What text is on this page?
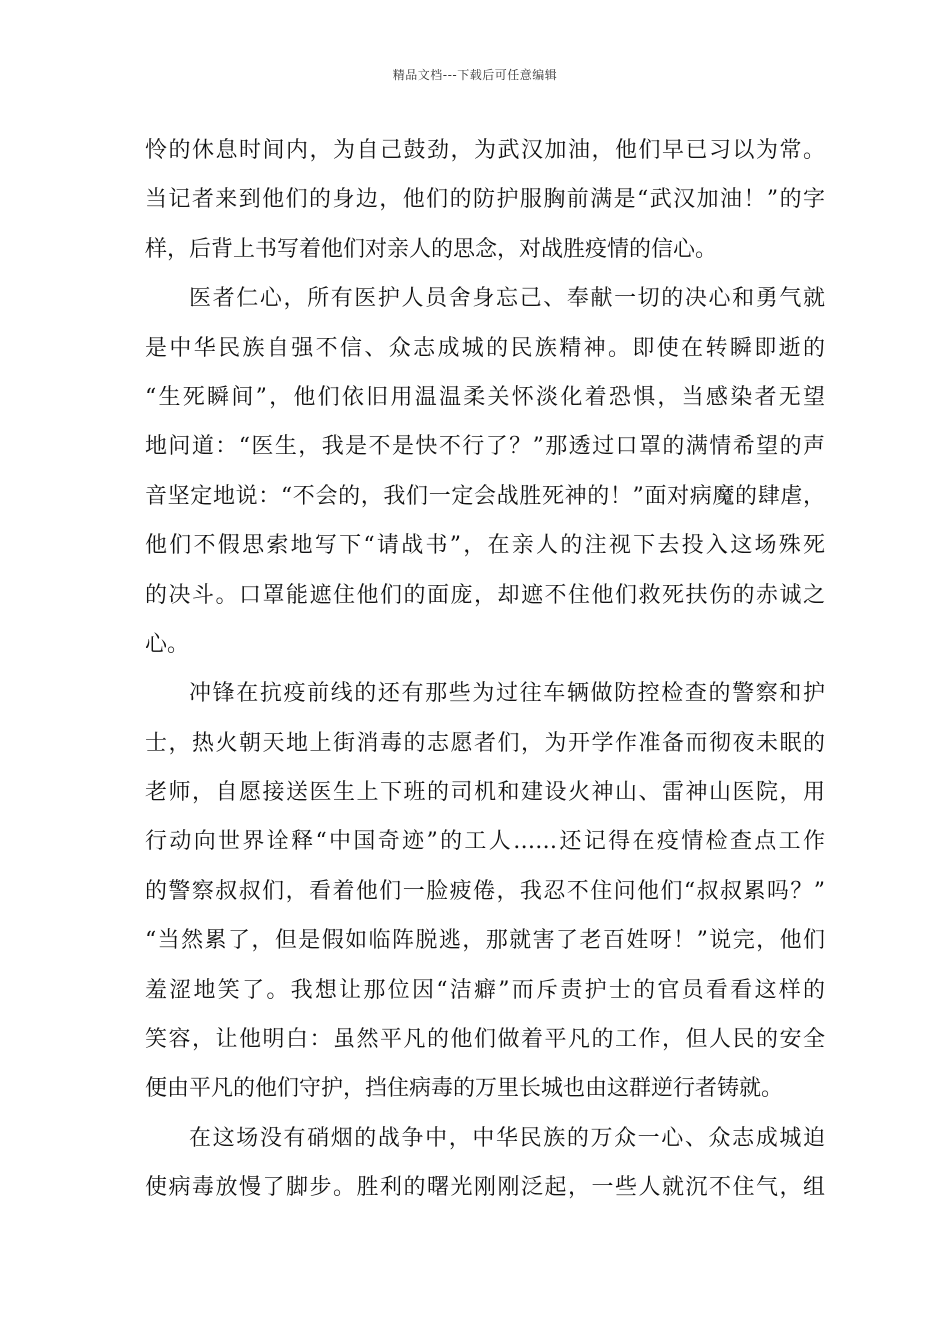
精品文档---下载后可任意编辑
怜的休息时间内，为自己鼓劲，为武汉加油，他们早已习以为常。
当记者来到他们的身边，他们的防护服胸前满是“武汉加油！”的字
样，后背上书写着他们对亲人的思念，对战胜疫情的信心。
医者仁心，所有医护人员舍身忘己、奉献一切的决心和勇气就
是中华民族自强不信、众志成城的民族精神。即使在转瞬即逝的
“生死瞬间”，他们依旧用温温柔关怀淡化着恐惧，当感染者无望
地问道：“医生，我是不是快不行了？”那透过口罩的满情希望的声
音坚定地说：“不会的，我们一定会战胜死神的！”面对病魔的肆虐，
他们不假思索地写下“请战书”，在亲人的注视下去投入这场殊死
的决斗。口罩能遮住他们的面庞，却遮不住他们救死扶伤的赤诚之
心。
冲锋在抗疫前线的还有那些为过往车辆做防控检查的警察和护
士，热火朝天地上街消毒的志愿者们，为开学作准备而彻夜未眠的
老师，自愿接送医生上下班的司机和建设火神山、雷神山医院，用
行动向世界诠释“中国奇迹”的工人……还记得在疫情检查点工作
的警察叔叔们，看着他们一脸疲倦，我忍不住问他们“叔叔累吗？”
“当然累了，但是假如临阵脱逃，那就害了老百姓呀！”说完，他们
羞涩地笑了。我想让那位因“洁癖”而斥责护士的官员看看这样的
笑容，让他明白：虽然平凡的他们做着平凡的工作，但人民的安全
便由平凡的他们守护，挡住病毒的万里长城也由这群逆行者铸就。
在这场没有硝烟的战争中，中华民族的万众一心、众志成城迫
使病毒放慢了脚步。胜利的曙光刚刚泛起，一些人就沉不住气，组
